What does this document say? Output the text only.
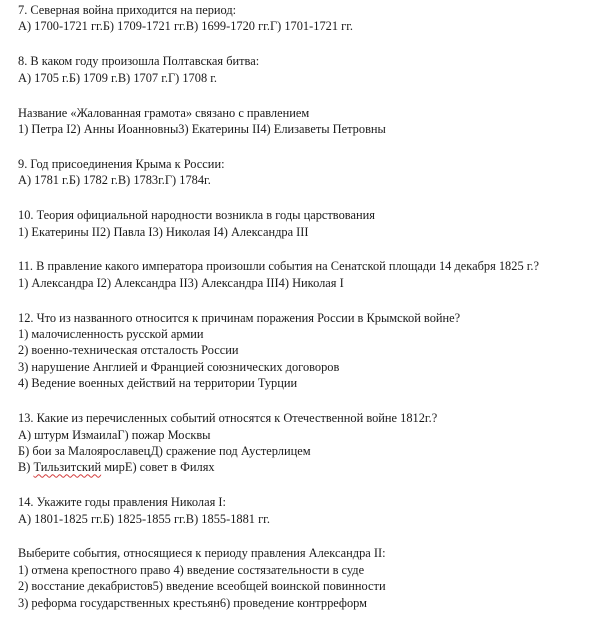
7. Северная война приходится на период:
А) 1700-1721 гг.Б) 1709-1721 гг.В) 1699-1720 гг.Г) 1701-1721 гг.
8. В каком году произошла Полтавская битва:
А) 1705 г.Б) 1709 г.В) 1707 г.Г) 1708 г.
Название «Жалованная грамота» связано с правлением
1) Петра I2) Анны Иоанновны3) Екатерины II4) Елизаветы Петровны
9. Год присоединения Крыма к России:
А) 1781 г.Б) 1782 г.В) 1783г.Г) 1784г.
10. Теория официальной народности возникла в годы царствования
1) Екатерины II2) Павла I3) Николая I4) Александра III
11. В правление какого императора произошли события на Сенатской площади 14 декабря 1825 г.?
1) Александра I2) Александра II3) Александра III4) Николая I
12. Что из названного относится к причинам поражения России в Крымской войне?
1) малочисленность русской армии
2) военно-техническая отсталость России
3) нарушение Англией и Францией союзнических договоров
4) Ведение военных действий на территории Турции
13. Какие из перечисленных событий относятся к Отечественной войне 1812г.?
А) штурм ИзмаилаГ) пожар Москвы
Б) бои за МалоярославецД) сражение под Аустерлицем
В) Тильзитский мирЕ) совет в Филях
14. Укажите годы правления Николая I:
А) 1801-1825 гг.Б) 1825-1855 гг.В) 1855-1881 гг.
Выберите события, относящиеся к периоду правления Александра II:
1) отмена крепостного право 4) введение состязательности в суде
2) восстание декабристов5) введение всеобщей воинской повинности
3) реформа государственных крестьян6) проведение контрреформ
